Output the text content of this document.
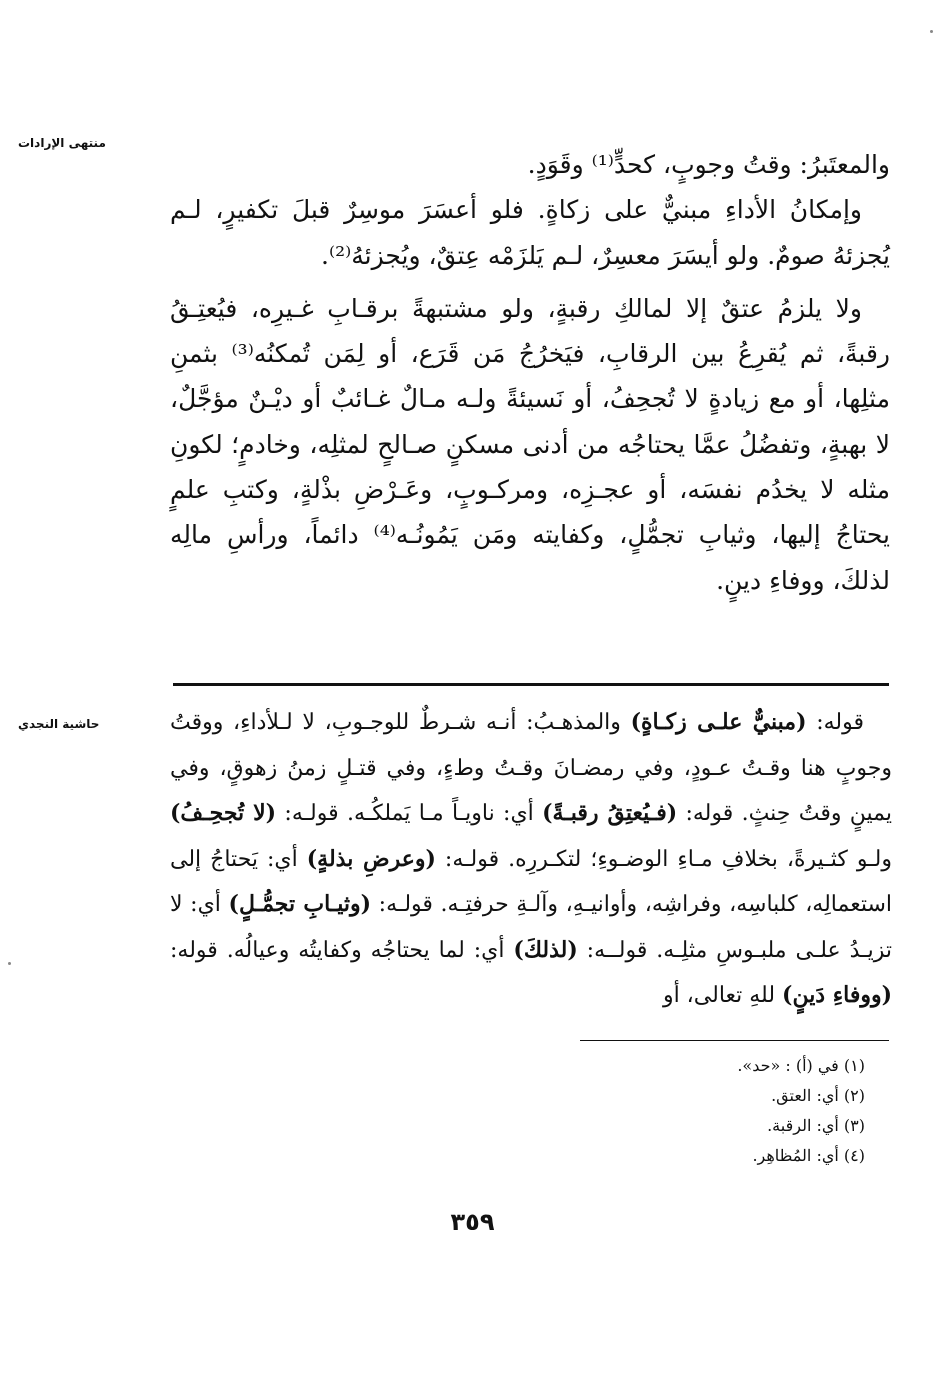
منتهى الإرادات

والمعتَبرُ: وقتُ وجوبٍ، كحدٍّ⁽¹⁾ وقَوَدٍ.

وإمكانُ الأداءِ مبنيٌّ على زكاةٍ. فلو أعسَرَ موسِرٌ قبلَ تكفيرٍ، لـم يُجزئهُ صومٌ. ولو أيسَرَ معسِرٌ، لـم يَلزَمْه عِتقٌ، ويُجزئهُ⁽²⁾.

ولا يلزمُ عتقٌ إلا لمالكِ رقبةٍ، ولو مشتبهةً برقـابِ غـيرِه، فيُعتِـقُ رقبةً، ثم يُقرِعُ بين الرقابِ، فيَخرُجُ مَن قَرَع، أو لِمَن تُمكنُه⁽³⁾ بثمنِ مثلِها، أو مع زيادةٍ لا تُجحِفُ، أو نَسيئةً ولـه مـالٌ غـائبٌ أو ديْـنٌ مؤجَّلٌ، لا بهبةٍ، وتفضُلُ عمَّا يحتاجُه من أدنى مسكنٍ صـالحٍ لمثلِه، وخادمٍ؛ لكونِ مثله لا يخدُم نفسَه، أو عجـزِه، ومركـوبٍ، وعَـرْضِ بذْلةٍ، وكتبِ علمٍ يحتاجُ إليها، وثيابِ تجمُّلٍ، وكفايته ومَن يَمُونُـه⁽⁴⁾ دائماً، ورأسِ مالِه لذلكَ، ووفاءِ دينٍ.

حاشية النجدي	قوله: (مبنيٌّ علـى زكـاةٍ) والمذهـبُ: أنـه شـرطٌ للوجـوبِ، لا لـلأداءِ، ووقتُ وجوبٍ هنا وقـتُ عـودٍ، وفي رمضـانَ وقـتُ وطءٍ، وفي قتـلٍ زمنُ زهوقٍ، وفي يمينٍ وقتُ حِنثٍ. قوله: (فـيُعتِقُ رقبـةً) أي: ناويـاً مـا يَملكُـه. قولـه: (لا تُجحِـفُ) ولـو كثـيرةً، بخلافِ مـاءِ الوضـوءِ؛ لتكـررِه. قولـه: (وعرضِ بذلةٍ) أي: يَحتاجُ إلى استعمالِه، كلباسِه، وفراشِه، وأوانيـهِ، وآلـةِ حرفتِـه. قولـه: (وثيـابِ تجمُّـلٍ) أي: لا تزيـدُ علـى ملبـوسِ مثلِـه. قولــه: (لذلكَ) أي: لما يحتاجُه وكفايتُه وعيالُه. قوله: (ووفاءِ دَينٍ) للهِ تعالى، أو

(١) في (أ) : «حد».
(٢) أي: العتق.
(٣) أي: الرقبة.
(٤) أي: المُظاهِر.
٣٥٩
